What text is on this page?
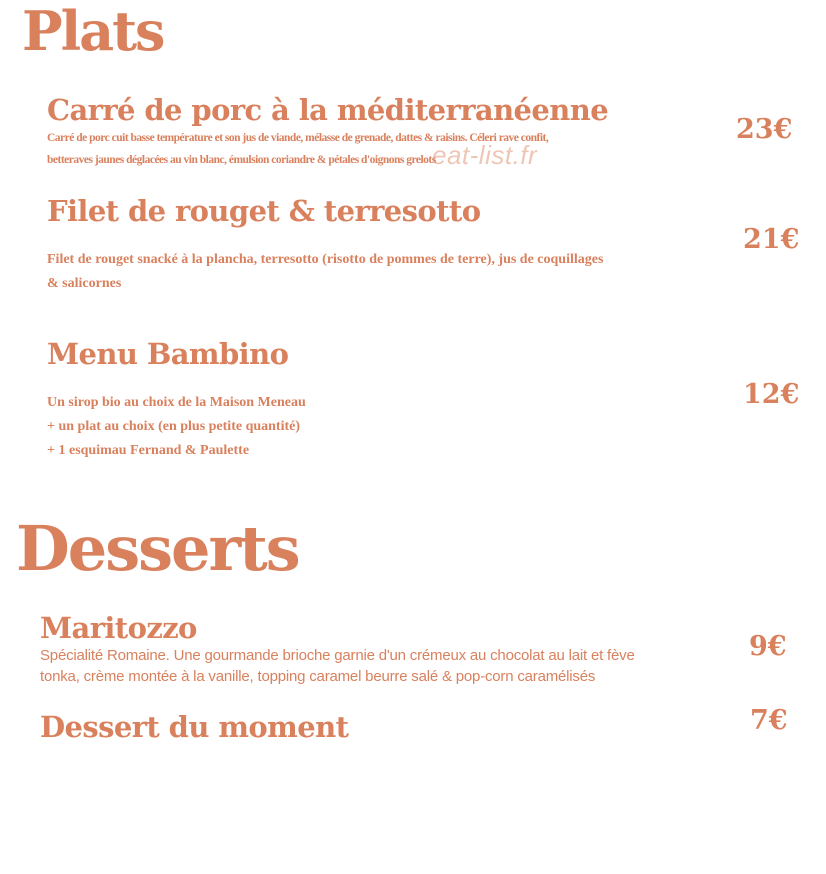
Plats
Carré de porc à la méditerranéenne
Carré de porc cuit basse température et son jus de viande, mélasse de grenade, dattes & raisins. Céleri rave confit,
betteraves jaunes déglacées au vin blanc, émulsion coriandre & pétales d'oignons grelots
23€
eat-list.fr
Filet de rouget & terresotto
Filet de rouget snacké à la plancha, terresotto (risotto de pommes de terre), jus de coquillages
& salicornes
21€
Menu Bambino
Un sirop bio au choix de la Maison Meneau
+ un plat au choix (en plus petite quantité)
+ 1 esquimau Fernand & Paulette
12€
Desserts
Maritozzo
Spécialité Romaine. Une gourmande brioche garnie d'un crémeux au chocolat au lait et fève
tonka, crème montée à la vanille, topping caramel beurre salé & pop-corn caramélisés
9€
Dessert du moment	7€
